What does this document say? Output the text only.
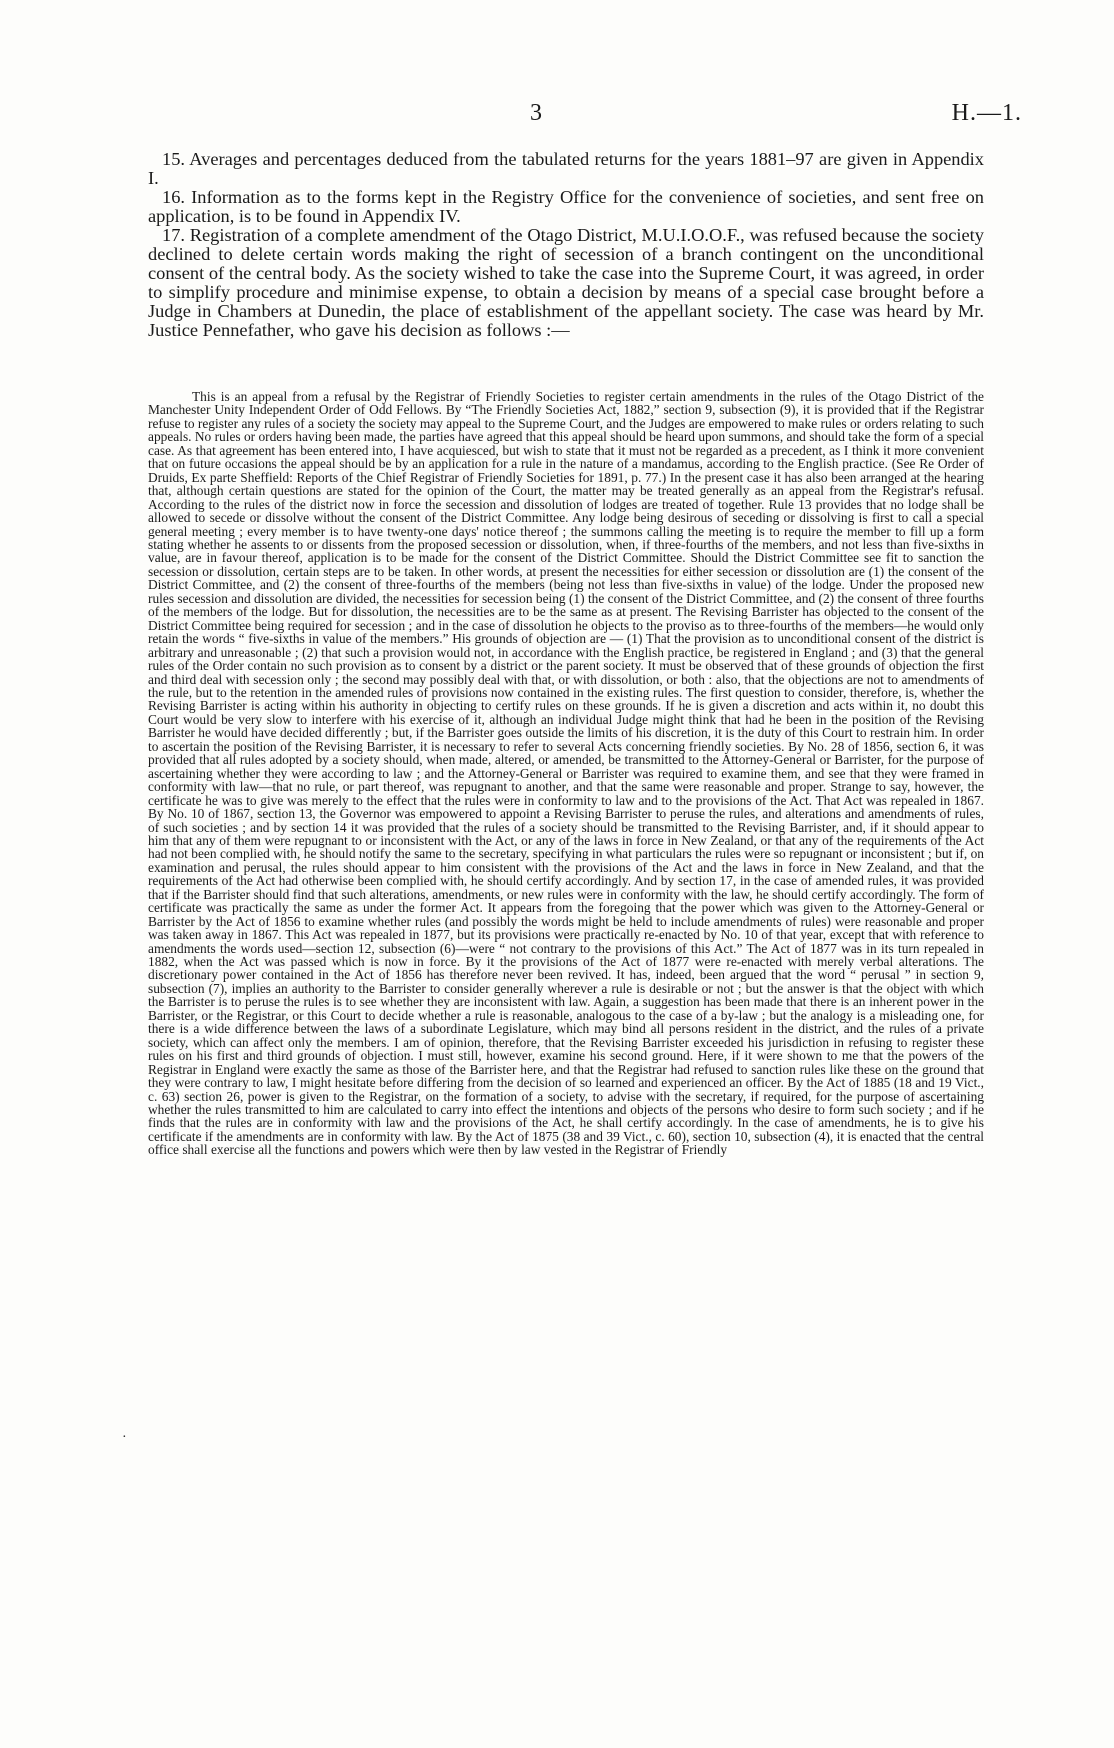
3	H.—1.

15. Averages and percentages deduced from the tabulated returns for the years 1881–97 are given in Appendix I.

16. Information as to the forms kept in the Registry Office for the convenience of societies, and sent free on application, is to be found in Appendix IV.

17. Registration of a complete amendment of the Otago District, M.U.I.O.O.F., was refused because the society declined to delete certain words making the right of secession of a branch contingent on the unconditional consent of the central body. As the society wished to take the case into the Supreme Court, it was agreed, in order to simplify procedure and minimise expense, to obtain a decision by means of a special case brought before a Judge in Chambers at Dunedin, the place of establishment of the appellant society. The case was heard by Mr. Justice Pennefather, who gave his decision as follows :—

This is an appeal from a refusal by the Registrar of Friendly Societies to register certain amendments in the rules of the Otago District of the Manchester Unity Independent Order of Odd Fellows. By “The Friendly Societies Act, 1882,” section 9, subsection (9), it is provided that if the Registrar refuse to register any rules of a society the society may appeal to the Supreme Court, and the Judges are empowered to make rules or orders relating to such appeals. No rules or orders having been made, the parties have agreed that this appeal should be heard upon summons, and should take the form of a special case. As that agreement has been entered into, I have acquiesced, but wish to state that it must not be regarded as a precedent, as I think it more convenient that on future occasions the appeal should be by an application for a rule in the nature of a mandamus, according to the English practice. (See Re Order of Druids, Ex parte Sheffield: Reports of the Chief Registrar of Friendly Societies for 1891, p. 77.) In the present case it has also been arranged at the hearing that, although certain questions are stated for the opinion of the Court, the matter may be treated generally as an appeal from the Registrar's refusal. According to the rules of the district now in force the secession and dissolution of lodges are treated of together. Rule 13 provides that no lodge shall be allowed to secede or dissolve without the consent of the District Committee. Any lodge being desirous of seceding or dissolving is first to call a special general meeting ; every member is to have twenty-one days' notice thereof ; the summons calling the meeting is to require the member to fill up a form stating whether he assents to or dissents from the proposed secession or dissolution, when, if three-fourths of the members, and not less than five-sixths in value, are in favour thereof, application is to be made for the consent of the District Committee. Should the District Committee see fit to sanction the secession or dissolution, certain steps are to be taken. In other words, at present the necessities for either secession or dissolution are (1) the consent of the District Committee, and (2) the consent of three-fourths of the members (being not less than five-sixths in value) of the lodge. Under the proposed new rules secession and dissolution are divided, the necessities for secession being (1) the consent of the District Committee, and (2) the consent of three fourths of the members of the lodge. But for dissolution, the necessities are to be the same as at present. The Revising Barrister has objected to the consent of the District Committee being required for secession ; and in the case of dissolution he objects to the proviso as to three-fourths of the members—he would only retain the words “ five-sixths in value of the members.” His grounds of objection are — (1) That the provision as to unconditional consent of the district is arbitrary and unreasonable ; (2) that such a provision would not, in accordance with the English practice, be registered in England ; and (3) that the general rules of the Order contain no such provision as to consent by a district or the parent society. It must be observed that of these grounds of objection the first and third deal with secession only ; the second may possibly deal with that, or with dissolution, or both : also, that the objections are not to amendments of the rule, but to the retention in the amended rules of provisions now contained in the existing rules. The first question to consider, therefore, is, whether the Revising Barrister is acting within his authority in objecting to certify rules on these grounds. If he is given a discretion and acts within it, no doubt this Court would be very slow to interfere with his exercise of it, although an individual Judge might think that had he been in the position of the Revising Barrister he would have decided differently ; but, if the Barrister goes outside the limits of his discretion, it is the duty of this Court to restrain him. In order to ascertain the position of the Revising Barrister, it is necessary to refer to several Acts concerning friendly societies. By No. 28 of 1856, section 6, it was provided that all rules adopted by a society should, when made, altered, or amended, be transmitted to the Attorney-General or Barrister, for the purpose of ascertaining whether they were according to law ; and the Attorney-General or Barrister was required to examine them, and see that they were framed in conformity with law—that no rule, or part thereof, was repugnant to another, and that the same were reasonable and proper. Strange to say, however, the certificate he was to give was merely to the effect that the rules were in conformity to law and to the provisions of the Act. That Act was repealed in 1867. By No. 10 of 1867, section 13, the Governor was empowered to appoint a Revising Barrister to peruse the rules, and alterations and amendments of rules, of such societies ; and by section 14 it was provided that the rules of a society should be transmitted to the Revising Barrister, and, if it should appear to him that any of them were repugnant to or inconsistent with the Act, or any of the laws in force in New Zealand, or that any of the requirements of the Act had not been complied with, he should notify the same to the secretary, specifying in what particulars the rules were so repugnant or inconsistent ; but if, on examination and perusal, the rules should appear to him consistent with the provisions of the Act and the laws in force in New Zealand, and that the requirements of the Act had otherwise been complied with, he should certify accordingly. And by section 17, in the case of amended rules, it was provided that if the Barrister should find that such alterations, amendments, or new rules were in conformity with the law, he should certify accordingly. The form of certificate was practically the same as under the former Act. It appears from the foregoing that the power which was given to the Attorney-General or Barrister by the Act of 1856 to examine whether rules (and possibly the words might be held to include amendments of rules) were reasonable and proper was taken away in 1867. This Act was repealed in 1877, but its provisions were practically re-enacted by No. 10 of that year, except that with reference to amendments the words used—section 12, subsection (6)—were “ not contrary to the provisions of this Act.” The Act of 1877 was in its turn repealed in 1882, when the Act was passed which is now in force. By it the provisions of the Act of 1877 were re-enacted with merely verbal alterations. The discretionary power contained in the Act of 1856 has therefore never been revived. It has, indeed, been argued that the word “ perusal ” in section 9, subsection (7), implies an authority to the Barrister to consider generally wherever a rule is desirable or not ; but the answer is that the object with which the Barrister is to peruse the rules is to see whether they are inconsistent with law. Again, a suggestion has been made that there is an inherent power in the Barrister, or the Registrar, or this Court to decide whether a rule is reasonable, analogous to the case of a by-law ; but the analogy is a misleading one, for there is a wide difference between the laws of a subordinate Legislature, which may bind all persons resident in the district, and the rules of a private society, which can affect only the members. I am of opinion, therefore, that the Revising Barrister exceeded his jurisdiction in refusing to register these rules on his first and third grounds of objection. I must still, however, examine his second ground. Here, if it were shown to me that the powers of the Registrar in England were exactly the same as those of the Barrister here, and that the Registrar had refused to sanction rules like these on the ground that they were contrary to law, I might hesitate before differing from the decision of so learned and experienced an officer. By the Act of 1885 (18 and 19 Vict., c. 63) section 26, power is given to the Registrar, on the formation of a society, to advise with the secretary, if required, for the purpose of ascertaining whether the rules transmitted to him are calculated to carry into effect the intentions and objects of the persons who desire to form such society ; and if he finds that the rules are in conformity with law and the provisions of the Act, he shall certify accordingly. In the case of amendments, he is to give his certificate if the amendments are in conformity with law. By the Act of 1875 (38 and 39 Vict., c. 60), section 10, subsection (4), it is enacted that the central office shall exercise all the functions and powers which were then by law vested in the Registrar of Friendly

·
